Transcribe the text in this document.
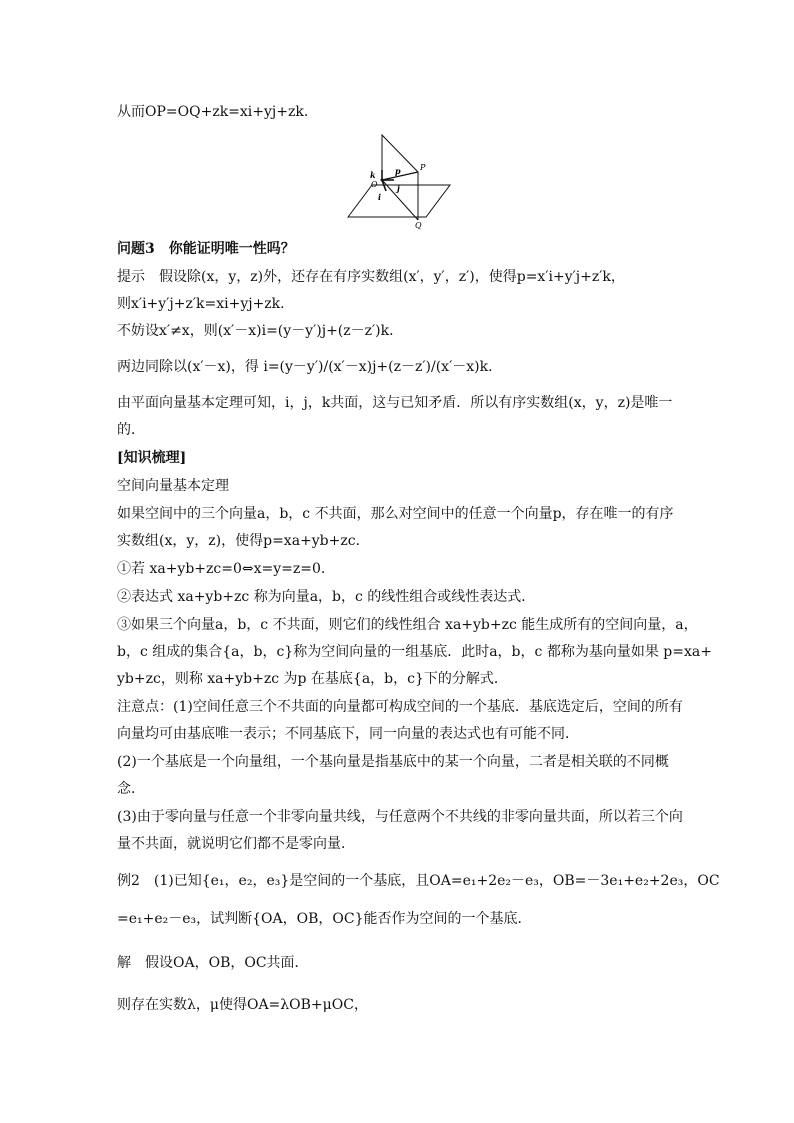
从而OP=OQ+zk=xi+yj+zk.
k
O
p P
j
i
Q
问题3　你能证明唯一性吗？
提示　假设除(x，y，z)外，还存在有序实数组(x′，y′，z′)，使得p=x′i+y′j+z′k，
则x′i+y′j+z′k=xi+yj+zk.
不妨设x′≠x，则(x′－x)i=(y－y′)j+(z－z′)k.
两边同除以(x′－x)，得 i=(y－y′)/(x′－x)j+(z－z′)/(x′－x)k.
由平面向量基本定理可知，i，j，k共面，这与已知矛盾．所以有序实数组(x，y，z)是唯一
的．
[知识梳理]
空间向量基本定理
如果空间中的三个向量a，b，c 不共面，那么对空间中的任意一个向量p，存在唯一的有序
实数组(x，y，z)，使得p=xa+yb+zc.
①若 xa+yb+zc=0⇔x=y=z=0.
②表达式 xa+yb+zc 称为向量a，b，c 的线性组合或线性表达式．
③如果三个向量a，b，c 不共面，则它们的线性组合 xa+yb+zc 能生成所有的空间向量，a，
b，c 组成的集合{a，b，c}称为空间向量的一组基底．此时a，b，c 都称为基向量如果 p=xa+
yb+zc，则称 xa+yb+zc 为p 在基底{a，b，c}下的分解式．
注意点：(1)空间任意三个不共面的向量都可构成空间的一个基底．基底选定后，空间的所有
向量均可由基底唯一表示；不同基底下，同一向量的表达式也有可能不同．
(2)一个基底是一个向量组，一个基向量是指基底中的某一个向量，二者是相关联的不同概
念．
(3)由于零向量与任意一个非零向量共线，与任意两个不共线的非零向量共面，所以若三个向
量不共面，就说明它们都不是零向量．
例2　(1)已知{e₁，e₂，e₃}是空间的一个基底，且OA=e₁+2e₂－e₃，OB=－3e₁+e₂+2e₃，OC
=e₁+e₂－e₃，试判断{OA，OB，OC}能否作为空间的一个基底．
解　假设OA，OB，OC共面．
则存在实数λ，μ使得OA=λOB+μOC，
